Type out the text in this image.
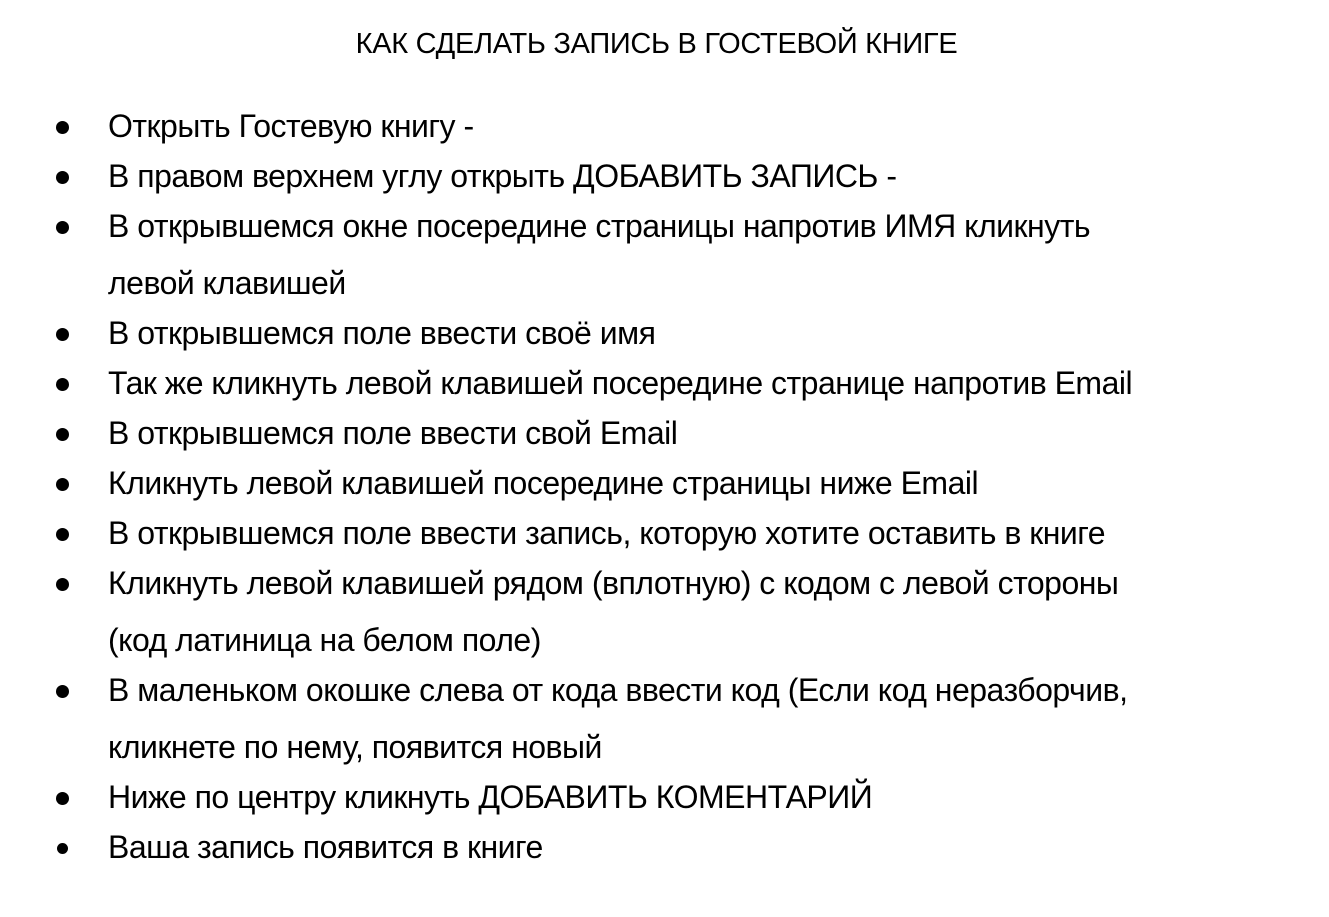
КАК СДЕЛАТЬ ЗАПИСЬ В ГОСТЕВОЙ КНИГЕ
Открыть Гостевую книгу -
В правом верхнем углу открыть ДОБАВИТЬ ЗАПИСЬ -
В открывшемся окне посередине страницы напротив ИМЯ кликнуть
левой клавишей
В открывшемся поле ввести своё имя
Так же кликнуть левой клавишей посередине странице напротив Email
В открывшемся поле ввести свой Email
Кликнуть левой клавишей посередине страницы ниже Email
В открывшемся поле ввести запись, которую хотите оставить в книге
Кликнуть левой клавишей рядом (вплотную) с кодом с левой стороны
(код латиница на белом поле)
В маленьком окошке слева от кода ввести код (Если код неразборчив,
кликнете по нему, появится новый
Ниже по центру кликнуть ДОБАВИТЬ КОМЕНТАРИЙ
Ваша запись появится в книге
